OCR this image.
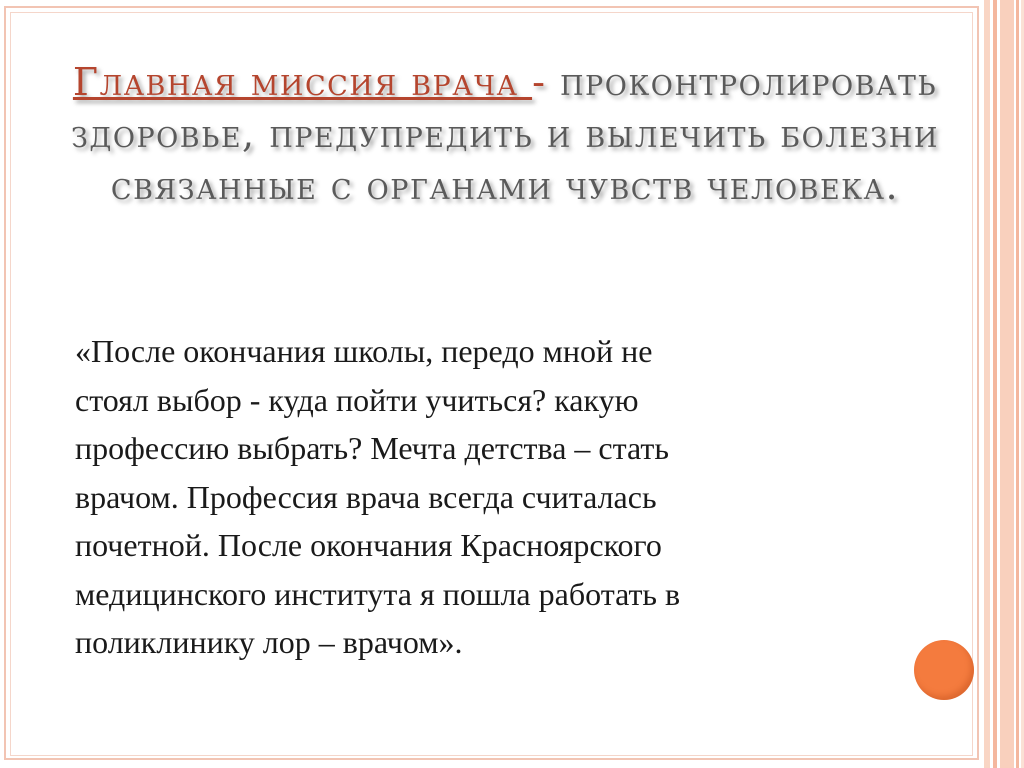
Главная миссия врача - проконтролировать здоровье, предупредить и вылечить болезни связанные с органами чувств человека.
«После окончания школы, передо мной не
стоял выбор - куда пойти учиться? какую
профессию выбрать? Мечта детства – стать
врачом. Профессия врача всегда считалась
почетной. После окончания Красноярского
медицинского института я пошла работать в
поликлинику лор – врачом».
